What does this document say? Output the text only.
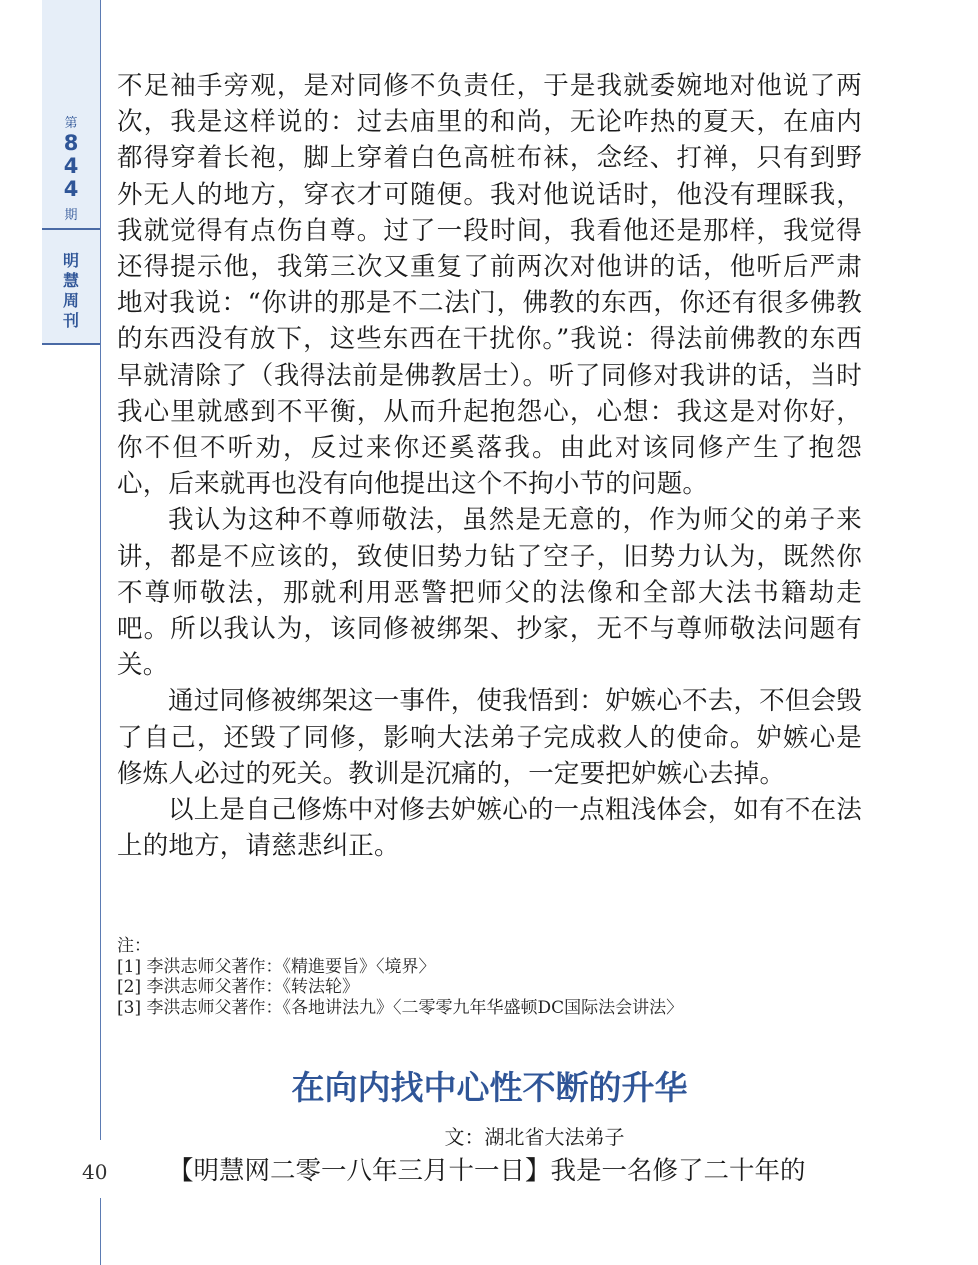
第
8
4
4
期
明
慧
周
刊

不足袖手旁观，是对同修不负责任，于是我就委婉地对他说了两次，我是这样说的：过去庙里的和尚，无论咋热的夏天，在庙内都得穿着长袍，脚上穿着白色高桩布袜，念经、打禅，只有到野外无人的地方，穿衣才可随便。我对他说话时，他没有理睬我，我就觉得有点伤自尊。过了一段时间，我看他还是那样，我觉得还得提示他，我第三次又重复了前两次对他讲的话，他听后严肃地对我说：“你讲的那是不二法门，佛教的东西，你还有很多佛教的东西没有放下，这些东西在干扰你。”我说：得法前佛教的东西早就清除了（我得法前是佛教居士）。听了同修对我讲的话，当时我心里就感到不平衡，从而升起抱怨心，心想：我这是对你好，你不但不听劝，反过来你还奚落我。由此对该同修产生了抱怨心，后来就再也没有向他提出这个不拘小节的问题。

我认为这种不尊师敬法，虽然是无意的，作为师父的弟子来讲，都是不应该的，致使旧势力钻了空子，旧势力认为，既然你不尊师敬法，那就利用恶警把师父的法像和全部大法书籍劫走吧。所以我认为，该同修被绑架、抄家，无不与尊师敬法问题有关。

通过同修被绑架这一事件，使我悟到：妒嫉心不去，不但会毁了自己，还毁了同修，影响大法弟子完成救人的使命。妒嫉心是修炼人必过的死关。教训是沉痛的，一定要把妒嫉心去掉。

以上是自己修炼中对修去妒嫉心的一点粗浅体会，如有不在法上的地方，请慈悲纠正。

注：
[1] 李洪志师父著作：《精進要旨》〈境界〉
[2] 李洪志师父著作：《转法轮》
[3] 李洪志师父著作：《各地讲法九》〈二零零九年华盛顿DC国际法会讲法〉
在向内找中心性不断的升华
文：湖北省大法弟子
40	【明慧网二零一八年三月十一日】我是一名修了二十年的
